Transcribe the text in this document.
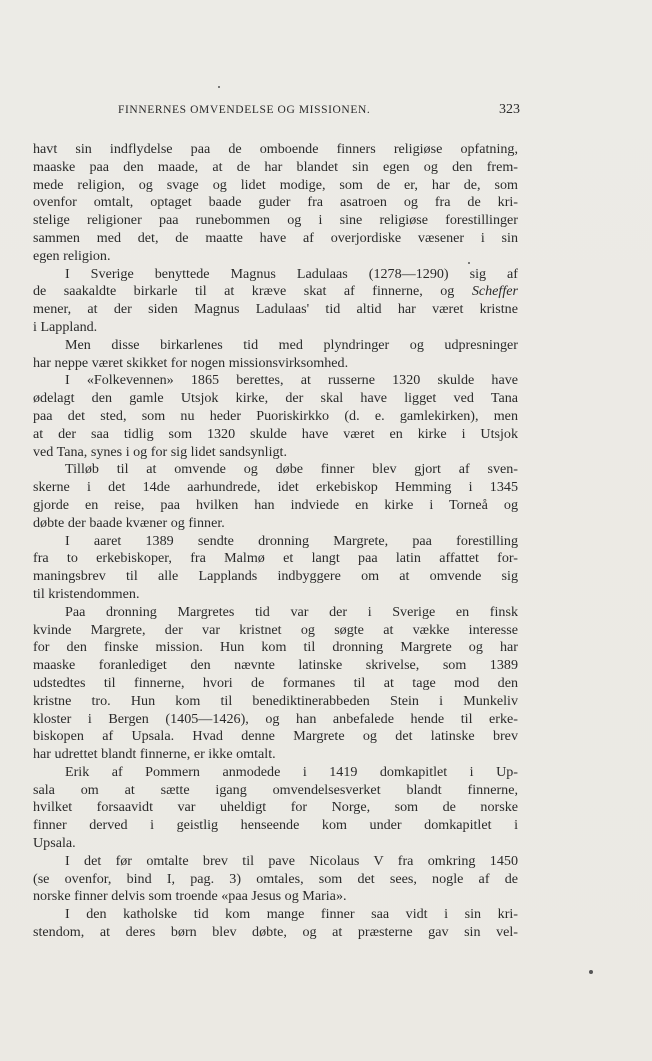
FINNERNES OMVENDELSE OG MISSIONEN.	323
havt sin indflydelse paa de omboende finners religiøse opfatning,
maaske paa den maade, at de har blandet sin egen og den frem-
mede religion, og svage og lidet modige, som de er, har de, som
ovenfor omtalt, optaget baade guder fra asatroen og fra de kri-
stelige religioner paa runebommen og i sine religiøse forestillinger
sammen med det, de maatte have af overjordiske væsener i sin
egen religion.
I Sverige benyttede Magnus Ladulaas (1278—1290) sig af
de saakaldte birkarle til at kræve skat af finnerne, og Scheffer
mener, at der siden Magnus Ladulaas' tid altid har været kristne
i Lappland.
Men disse birkarlenes tid med plyndringer og udpresninger
har neppe været skikket for nogen missionsvirksomhed.
I «Folkevennen» 1865 berettes, at russerne 1320 skulde have
ødelagt den gamle Utsjok kirke, der skal have ligget ved Tana
paa det sted, som nu heder Puoriskirkko (d. e. gamlekirken), men
at der saa tidlig som 1320 skulde have været en kirke i Utsjok
ved Tana, synes i og for sig lidet sandsynligt.
Tilløb til at omvende og døbe finner blev gjort af sven-
skerne i det 14de aarhundrede, idet erkebiskop Hemming i 1345
gjorde en reise, paa hvilken han indviede en kirke i Torneå og
døbte der baade kvæner og finner.
I aaret 1389 sendte dronning Margrete, paa forestilling
fra to erkebiskoper, fra Malmø et langt paa latin affattet for-
maningsbrev til alle Lapplands indbyggere om at omvende sig
til kristendommen.
Paa dronning Margretes tid var der i Sverige en finsk
kvinde Margrete, der var kristnet og søgte at vække interesse
for den finske mission. Hun kom til dronning Margrete og har
maaske foranlediget den nævnte latinske skrivelse, som 1389
udstedtes til finnerne, hvori de formanes til at tage mod den
kristne tro. Hun kom til benediktinerabbeden Stein i Munkeliv
kloster i Bergen (1405—1426), og han anbefalede hende til erke-
biskopen af Upsala. Hvad denne Margrete og det latinske brev
har udrettet blandt finnerne, er ikke omtalt.
Erik af Pommern anmodede i 1419 domkapitlet i Up-
sala om at sætte igang omvendelsesverket blandt finnerne,
hvilket forsaavidt var uheldigt for Norge, som de norske
finner derved i geistlig henseende kom under domkapitlet i
Upsala.
I det før omtalte brev til pave Nicolaus V fra omkring 1450
(se ovenfor, bind I, pag. 3) omtales, som det sees, nogle af de
norske finner delvis som troende «paa Jesus og Maria».
I den katholske tid kom mange finner saa vidt i sin kri-
stendom, at deres børn blev døbte, og at præsterne gav sin vel-
